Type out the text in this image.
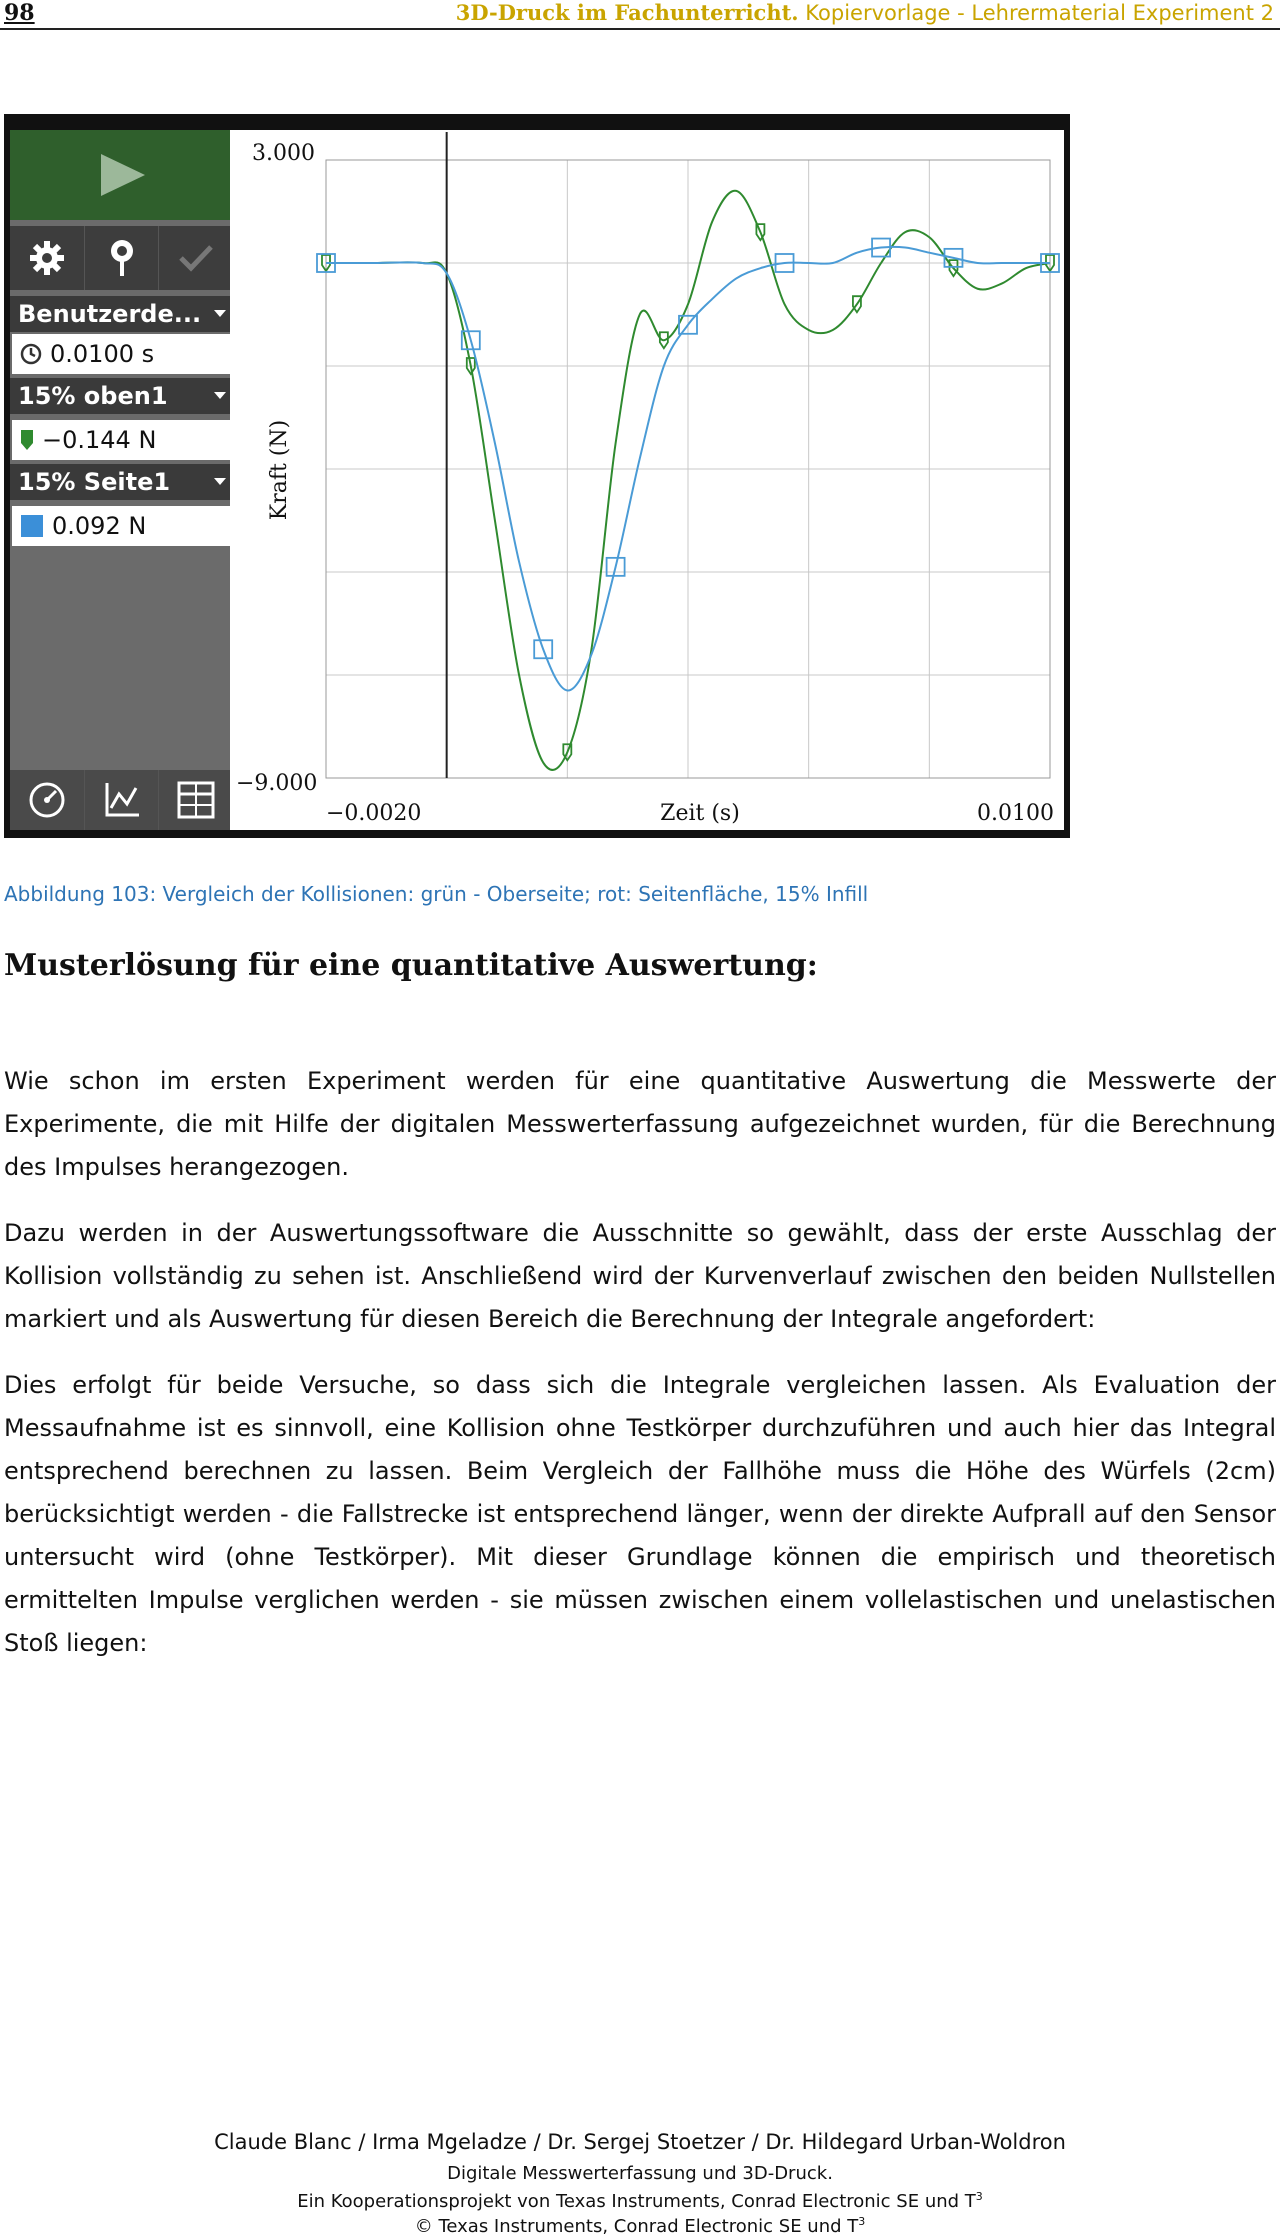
98	3D-Druck im Fachunterricht. Kopiervorlage - Lehrermaterial Experiment 2
Benutzerde...
0.0100 s
15% oben1
−0.144 N
15% Seite1
0.092 N
3.000
−9.000
−0.0020	0.0100
Zeit (s)
Kraft (N)
Abbildung 103: Vergleich der Kollisionen: grün - Oberseite; rot: Seitenfläche, 15% Infill
Musterlösung für eine quantitative Auswertung:

Wie schon im ersten Experiment werden für eine quantitative Auswertung die Messwerte der Experimente, die mit Hilfe der digitalen Messwerterfassung aufgezeichnet wurden, für die Berechnung des Impulses herangezogen.

Dazu werden in der Auswertungssoftware die Ausschnitte so gewählt, dass der erste Ausschlag der Kollision vollständig zu sehen ist. Anschließend wird der Kurvenverlauf zwischen den beiden Nullstellen markiert und als Auswertung für diesen Bereich die Berechnung der Integrale angefordert:

Dies erfolgt für beide Versuche, so dass sich die Integrale vergleichen lassen. Als Evaluation der Messaufnahme ist es sinnvoll, eine Kollision ohne Testkörper durchzuführen und auch hier das Integral entsprechend berechnen zu lassen. Beim Vergleich der Fallhöhe muss die Höhe des Würfels (2cm) berücksichtigt werden - die Fallstrecke ist entsprechend länger, wenn der direkte Aufprall auf den Sensor untersucht wird (ohne Testkörper). Mit dieser Grundlage können die empirisch und theoretisch ermittelten Impulse verglichen werden - sie müssen zwischen einem vollelastischen und unelastischen Stoß liegen:

Claude Blanc / Irma Mgeladze / Dr. Sergej Stoetzer / Dr. Hildegard Urban-Woldron
Digitale Messwerterfassung und 3D-Druck.
Ein Kooperationsprojekt von Texas Instruments, Conrad Electronic SE und $T^3$
© Texas Instruments, Conrad Electronic SE und $T^3$
